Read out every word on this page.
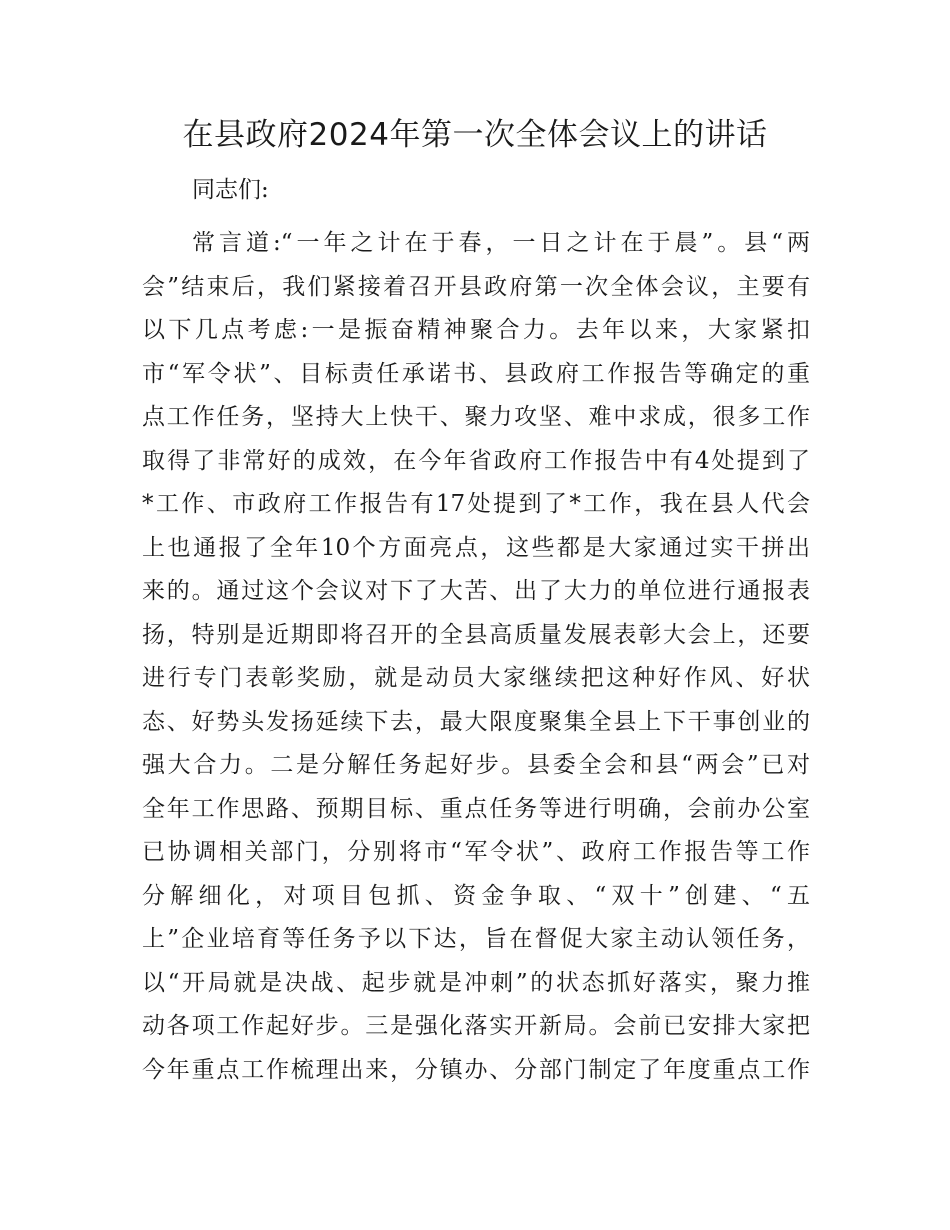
在县政府2024年第一次全体会议上的讲话

同志们:

常言道:“一年之计在于春，一日之计在于晨”。县“两
会”结束后，我们紧接着召开县政府第一次全体会议，主要有
以下几点考虑:一是振奋精神聚合力。去年以来，大家紧扣
市“军令状”、目标责任承诺书、县政府工作报告等确定的重
点工作任务，坚持大上快干、聚力攻坚、难中求成，很多工作
取得了非常好的成效，在今年省政府工作报告中有4处提到了
*工作、市政府工作报告有17处提到了*工作，我在县人代会
上也通报了全年10个方面亮点，这些都是大家通过实干拼出
来的。通过这个会议对下了大苦、出了大力的单位进行通报表
扬，特别是近期即将召开的全县高质量发展表彰大会上，还要
进行专门表彰奖励，就是动员大家继续把这种好作风、好状
态、好势头发扬延续下去，最大限度聚集全县上下干事创业的
强大合力。二是分解任务起好步。县委全会和县“两会”已对
全年工作思路、预期目标、重点任务等进行明确，会前办公室
已协调相关部门，分别将市“军令状”、政府工作报告等工作
分解细化，对项目包抓、资金争取、“双十”创建、“五
上”企业培育等任务予以下达，旨在督促大家主动认领任务，
以“开局就是决战、起步就是冲刺”的状态抓好落实，聚力推
动各项工作起好步。三是强化落实开新局。会前已安排大家把
今年重点工作梳理出来，分镇办、分部门制定了年度重点工作
